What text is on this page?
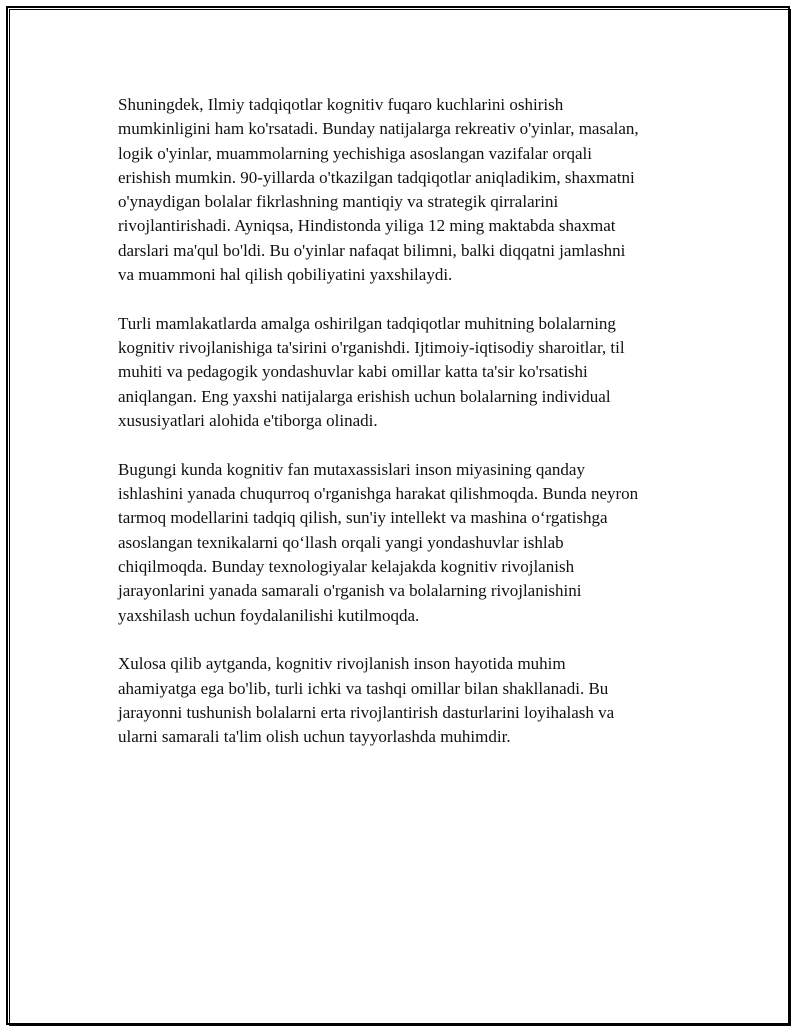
Shuningdek, Ilmiy tadqiqotlar kognitiv fuqaro kuchlarini oshirish
mumkinligini ham ko'rsatadi. Bunday natijalarga rekreativ o'yinlar, masalan,
logik o'yinlar, muammolarning yechishiga asoslangan vazifalar orqali
erishish mumkin. 90-yillarda o'tkazilgan tadqiqotlar aniqladikim, shaxmatni
o'ynaydigan bolalar fikrlashning mantiqiy va strategik qirralarini
rivojlantirishadi. Ayniqsa, Hindistonda yiliga 12 ming maktabda shaxmat
darslari ma'qul bo'ldi. Bu o'yinlar nafaqat bilimni, balki diqqatni jamlashni
va muammoni hal qilish qobiliyatini yaxshilaydi.

Turli mamlakatlarda amalga oshirilgan tadqiqotlar muhitning bolalarning
kognitiv rivojlanishiga ta'sirini o'rganishdi. Ijtimoiy-iqtisodiy sharoitlar, til
muhiti va pedagogik yondashuvlar kabi omillar katta ta'sir ko'rsatishi
aniqlangan. Eng yaxshi natijalarga erishish uchun bolalarning individual
xususiyatlari alohida e'tiborga olinadi.

Bugungi kunda kognitiv fan mutaxassislari inson miyasining qanday
ishlashini yanada chuqurroq o'rganishga harakat qilishmoqda. Bunda neyron
tarmoq modellarini tadqiq qilish, sun'iy intellekt va mashina o‘rgatishga
asoslangan texnikalarni qo‘llash orqali yangi yondashuvlar ishlab
chiqilmoqda. Bunday texnologiyalar kelajakda kognitiv rivojlanish
jarayonlarini yanada samarali o'rganish va bolalarning rivojlanishini
yaxshilash uchun foydalanilishi kutilmoqda.

Xulosa qilib aytganda, kognitiv rivojlanish inson hayotida muhim
ahamiyatga ega bo'lib, turli ichki va tashqi omillar bilan shakllanadi. Bu
jarayonni tushunish bolalarni erta rivojlantirish dasturlarini loyihalash va
ularni samarali ta'lim olish uchun tayyorlashda muhimdir.
